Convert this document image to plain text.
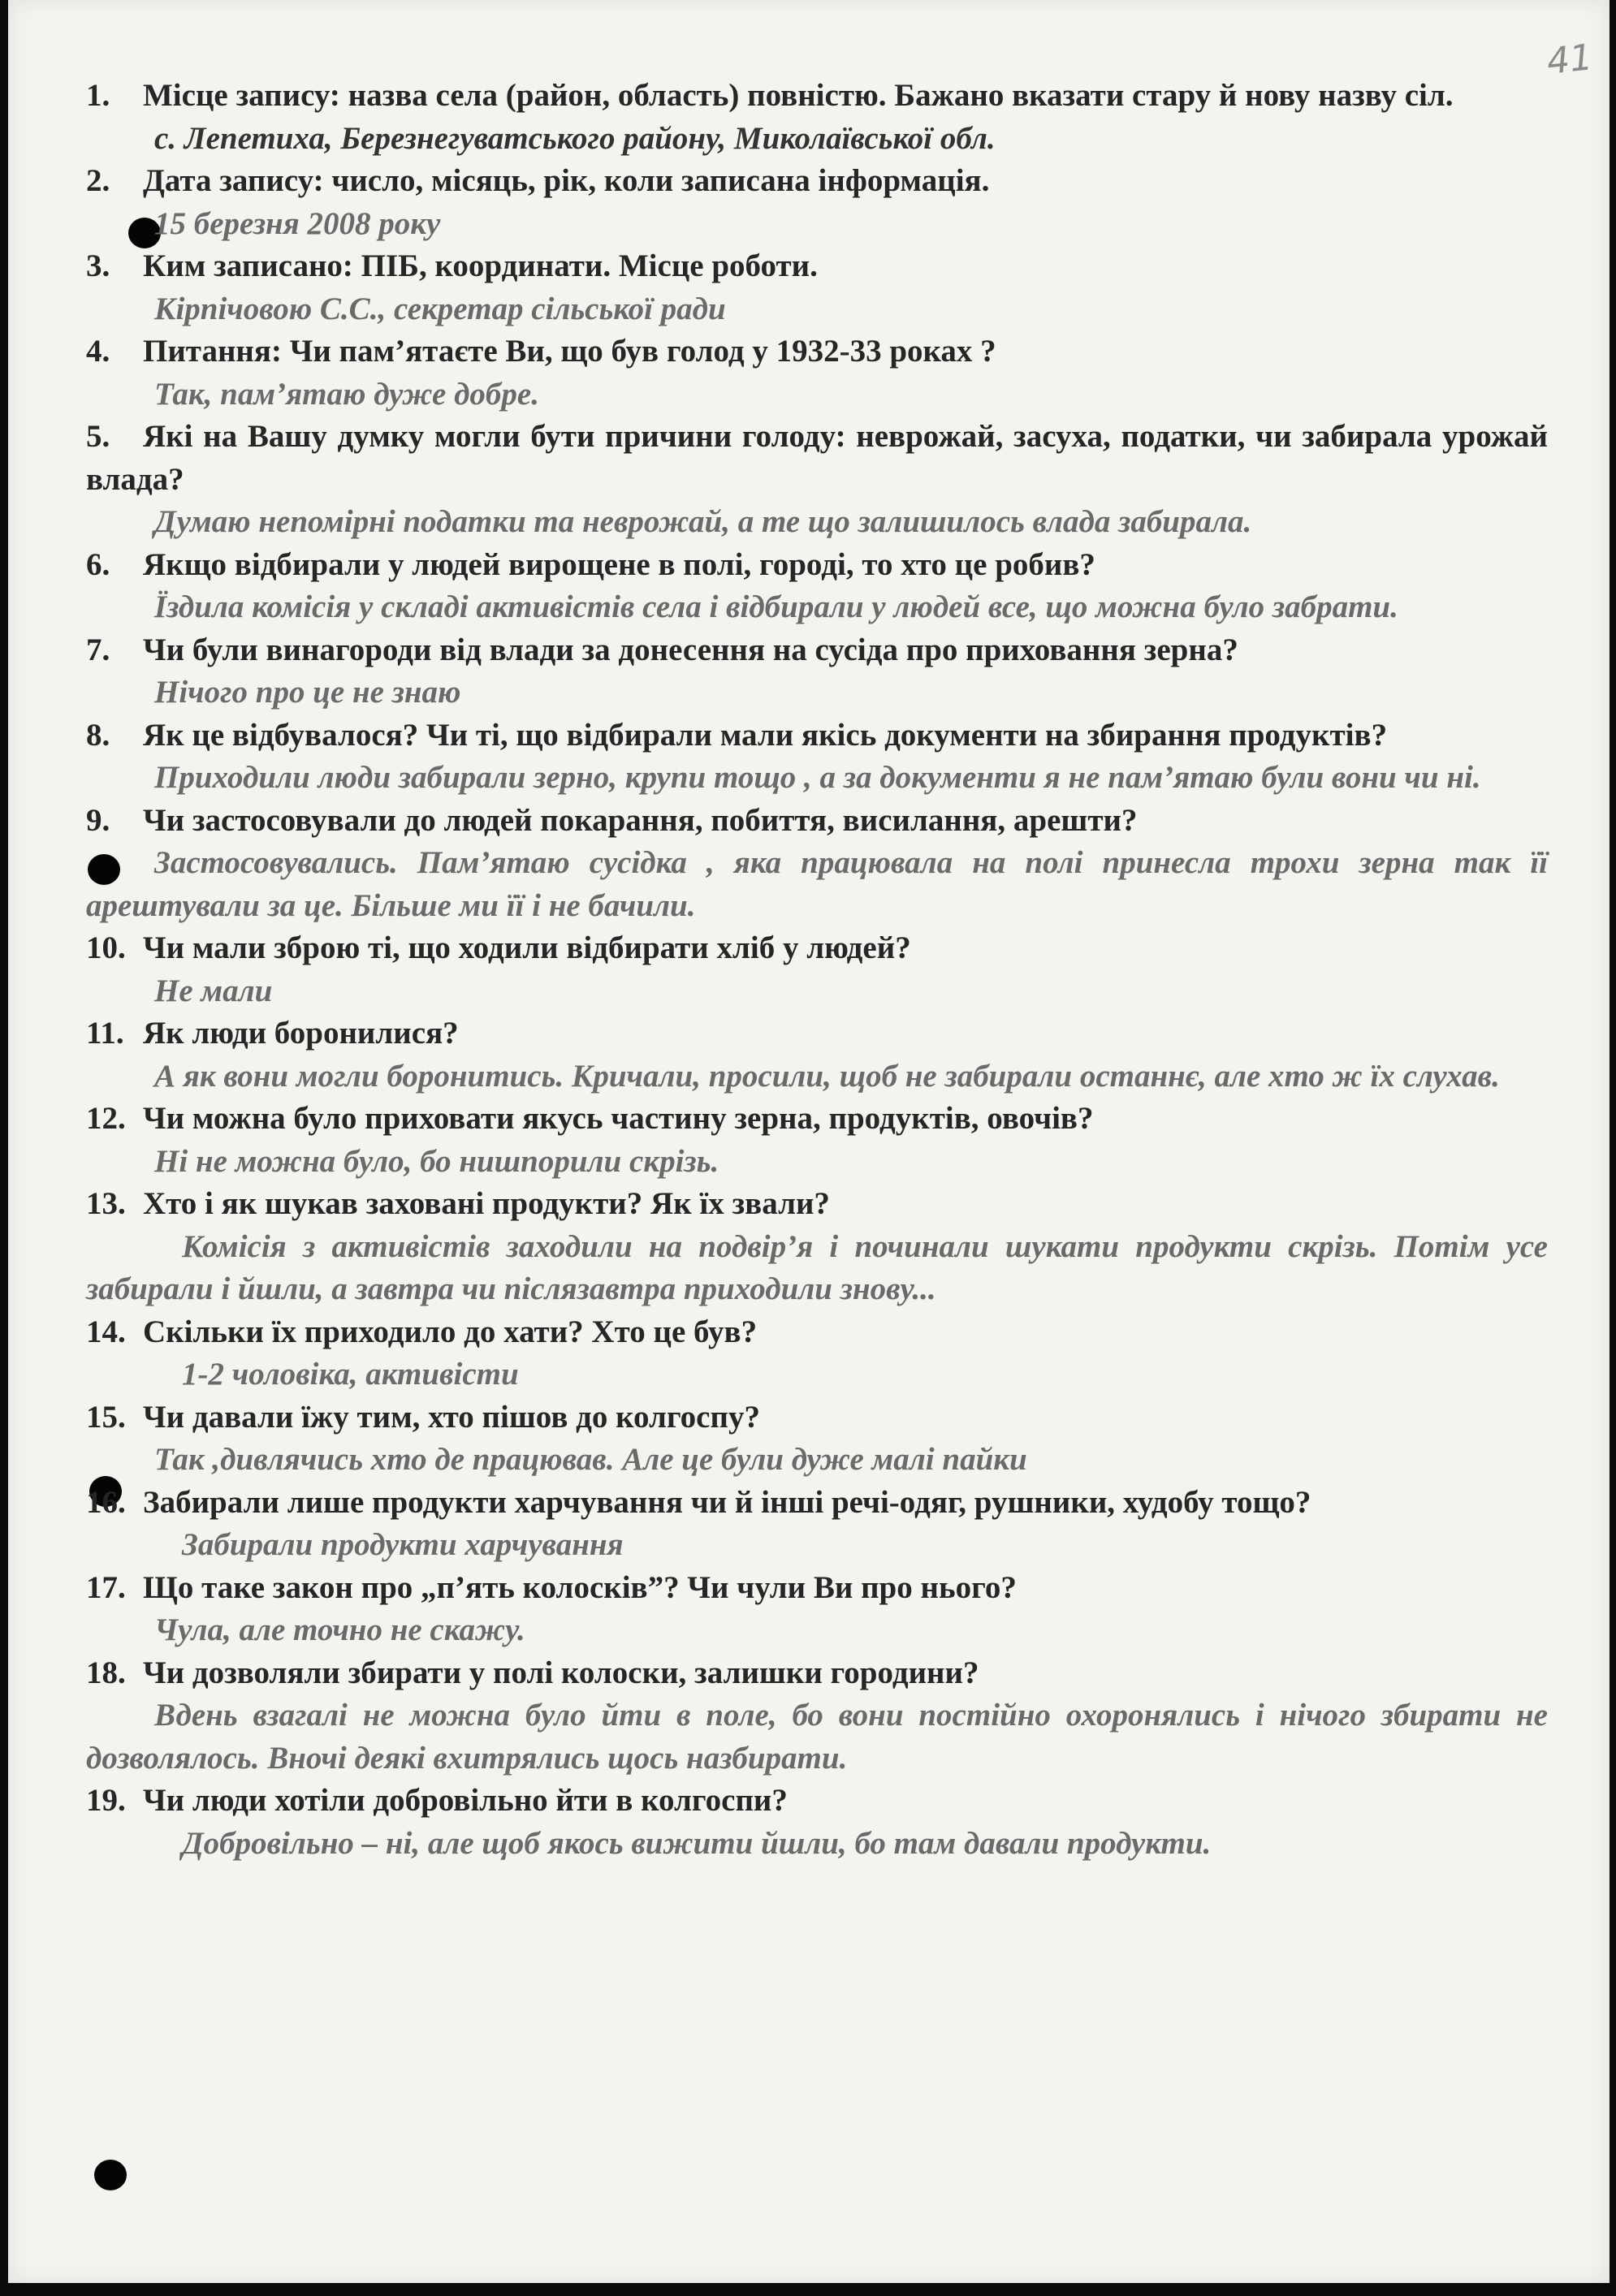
41
1. Місце запису: назва села (район, область) повністю. Бажано вказати стару й нову назву сіл.
с. Лепетиха, Березнегуватського району, Миколаївської обл.
2. Дата запису: число, місяць, рік, коли записана інформація.
15 березня 2008 року
3. Ким записано: ПІБ, координати. Місце роботи.
Кірпічовою С.С., секретар сільської ради
4. Питання: Чи пам’ятаєте Ви, що був голод у 1932-33 роках ?
Так, пам’ятаю дуже добре.
5. Які на Вашу думку могли бути причини голоду: неврожай, засуха, податки, чи забирала урожай влада?
Думаю непомірні податки та неврожай, а те що залишилось влада забирала.
6. Якщо відбирали у людей вирощене в полі, городі, то хто це робив?
Їздила комісія у складі активістів села і відбирали у людей все, що можна було забрати.
7. Чи були винагороди від влади за донесення на сусіда про приховання зерна?
Нічого про це не знаю
8. Як це відбувалося? Чи ті, що відбирали мали якісь документи на збирання продуктів?
Приходили люди забирали зерно, крупи тощо , а за документи я не пам’ятаю були вони чи ні.
9. Чи застосовували до людей покарання, побиття, висилання, арешти?
Застосовувались. Пам’ятаю сусідка , яка працювала на полі принесла трохи зерна так її арештували за це. Більше ми її і не бачили.
10. Чи мали зброю ті, що ходили відбирати хліб у людей?
Не мали
11. Як люди боронилися?
А як вони могли боронитись. Кричали, просили, щоб не забирали останнє, але хто ж їх слухав.
12. Чи можна було приховати якусь частину зерна, продуктів, овочів?
Ні не можна було, бо нишпорили скрізь.
13. Хто і як шукав заховані продукти? Як їх звали?
Комісія з активістів заходили на подвір’я і починали шукати продукти скрізь. Потім усе забирали і йшли, а завтра чи післязавтра приходили знову...
14. Скільки їх приходило до хати? Хто це був?
1-2 чоловіка, активісти
15. Чи давали їжу тим, хто пішов до колгоспу?
Так ,дивлячись хто де працював. Але це були дуже малі пайки
16. Забирали лише продукти харчування чи й інші речі-одяг, рушники, худобу тощо?
Забирали продукти харчування
17. Що таке закон про „п’ять колосків”? Чи чули Ви про нього?
Чула, але точно не скажу.
18. Чи дозволяли збирати у полі колоски, залишки городини?
Вдень взагалі не можна було йти в поле, бо вони постійно охоронялись і нічого збирати не дозволялось. Вночі деякі вхитрялись щось назбирати.
19. Чи люди хотіли добровільно йти в колгоспи?
Добровільно – ні, але щоб якось вижити йшли, бо там давали продукти.
